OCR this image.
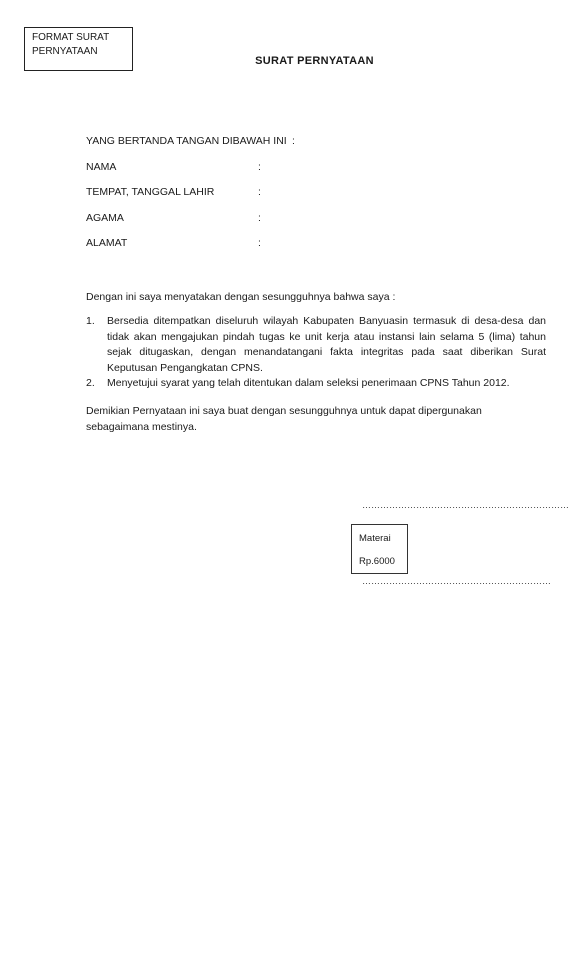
FORMAT SURAT
PERNYATAAN
SURAT PERNYATAAN
YANG BERTANDA TANGAN DIBAWAH INI :
NAMA	:
TEMPAT, TANGGAL LAHIR	:
AGAMA	:
ALAMAT	:
Dengan ini saya menyatakan dengan sesungguhnya bahwa saya :
1. Bersedia ditempatkan diseluruh wilayah Kabupaten Banyuasin termasuk di desa-desa dan tidak akan mengajukan pindah tugas ke unit kerja atau instansi lain selama 5 (lima) tahun sejak ditugaskan, dengan menandatangani fakta integritas pada saat diberikan Surat Keputusan Pengangkatan CPNS.
2. Menyetujui syarat yang telah ditentukan dalam seleksi penerimaan CPNS Tahun 2012.
Demikian Pernyataan ini saya buat dengan sesungguhnya untuk dapat dipergunakan sebagaimana mestinya.
……………………………………………………………
Materai
Rp.6000
………………………………………………………
